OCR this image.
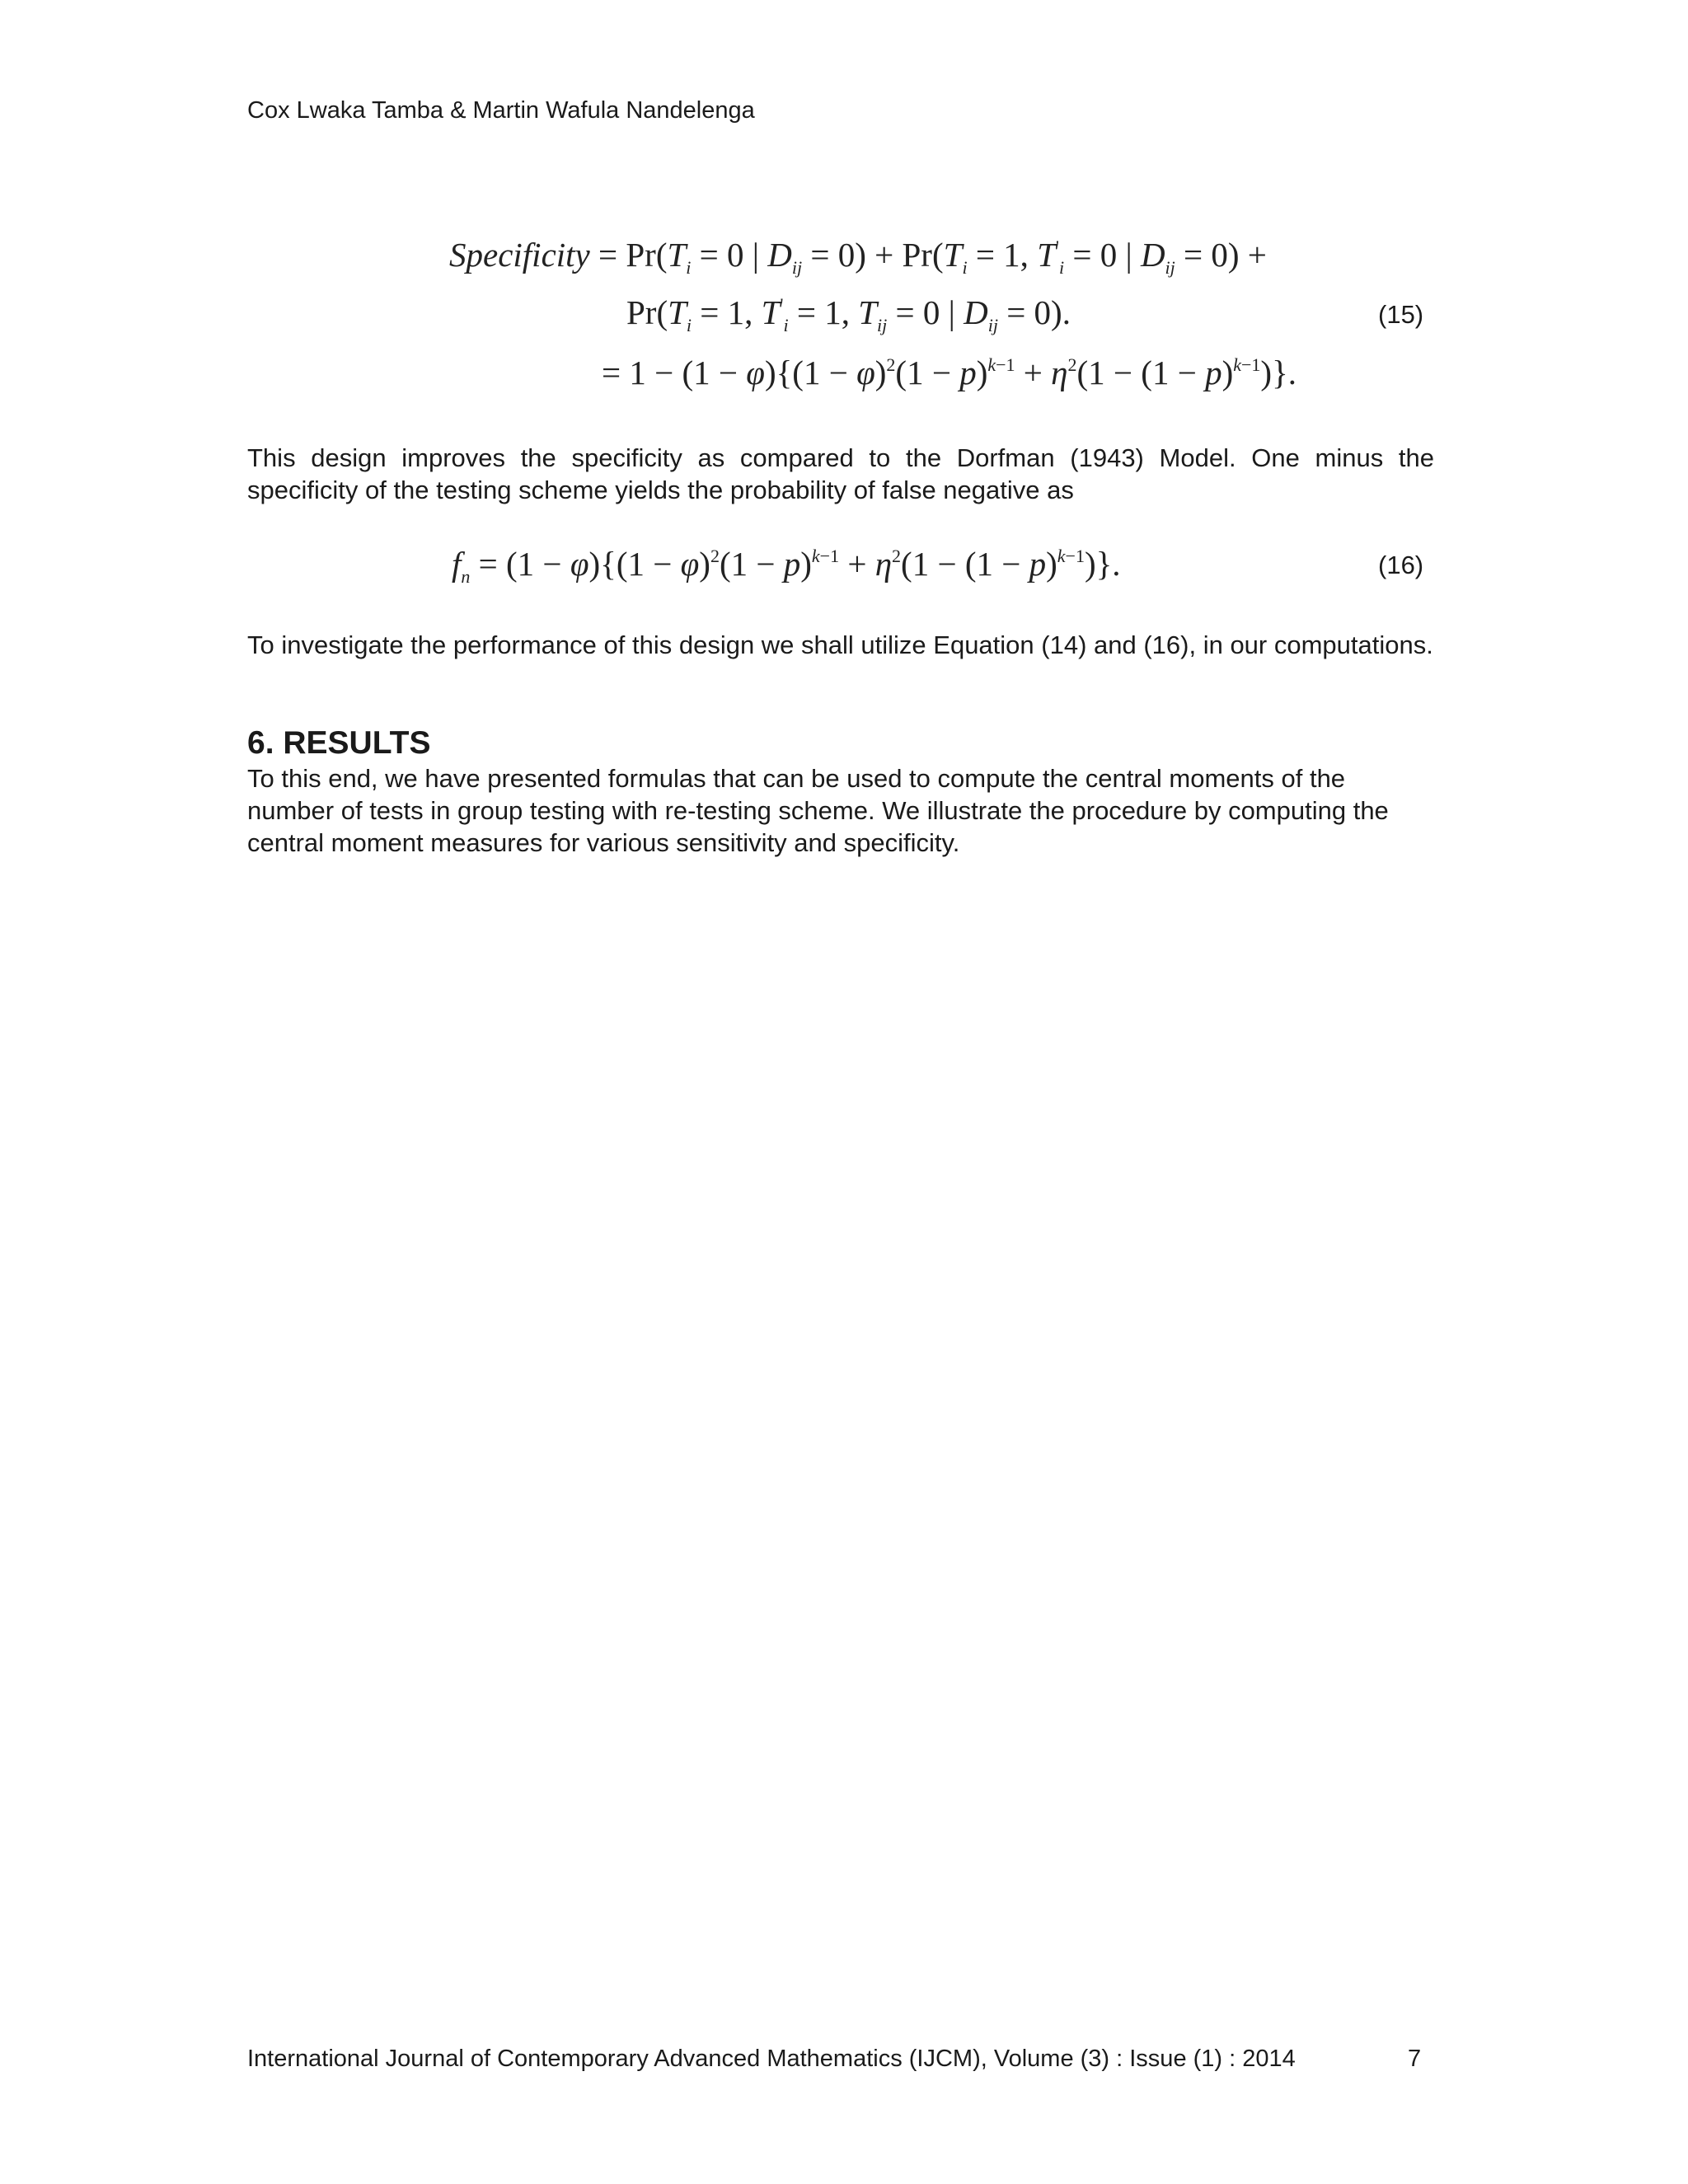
Cox Lwaka Tamba & Martin Wafula Nandelenga
Specificity = $Pr(T_i = 0$ | $D_{ij} = 0) + Pr(T_i = 1$, $T'_i = 0$ | $D_{ij} = 0$) +
$Pr(T_i = 1$, $T'_i = 1$, $T_{ij} = 0$ | $D_{ij} = 0$).
= $1 - (1 - \varphi)\{(1 - \varphi)^2(1 - p)^{k-1} + \eta^2(1 - (1 - p)^{k-1})\}$.
(15)
This design improves the specificity as compared to the Dorfman (1943) Model. One minus the specificity of the testing scheme yields the probability of false negative as
$f_n = (1 - \varphi)\{(1 - \varphi)^2(1 - p)^{k-1} + \eta^2(1 - (1 - p)^{k-1})\}$.	(16)
To investigate the performance of this design we shall utilize Equation (14) and (16), in our computations.
6. RESULTS
To this end, we have presented formulas that can be used to compute the central moments of the number of tests in group testing with re-testing scheme. We illustrate the procedure by computing the central moment measures for various sensitivity and specificity.
International Journal of Contemporary Advanced Mathematics (IJCM), Volume (3) : Issue (1) : 2014	7
